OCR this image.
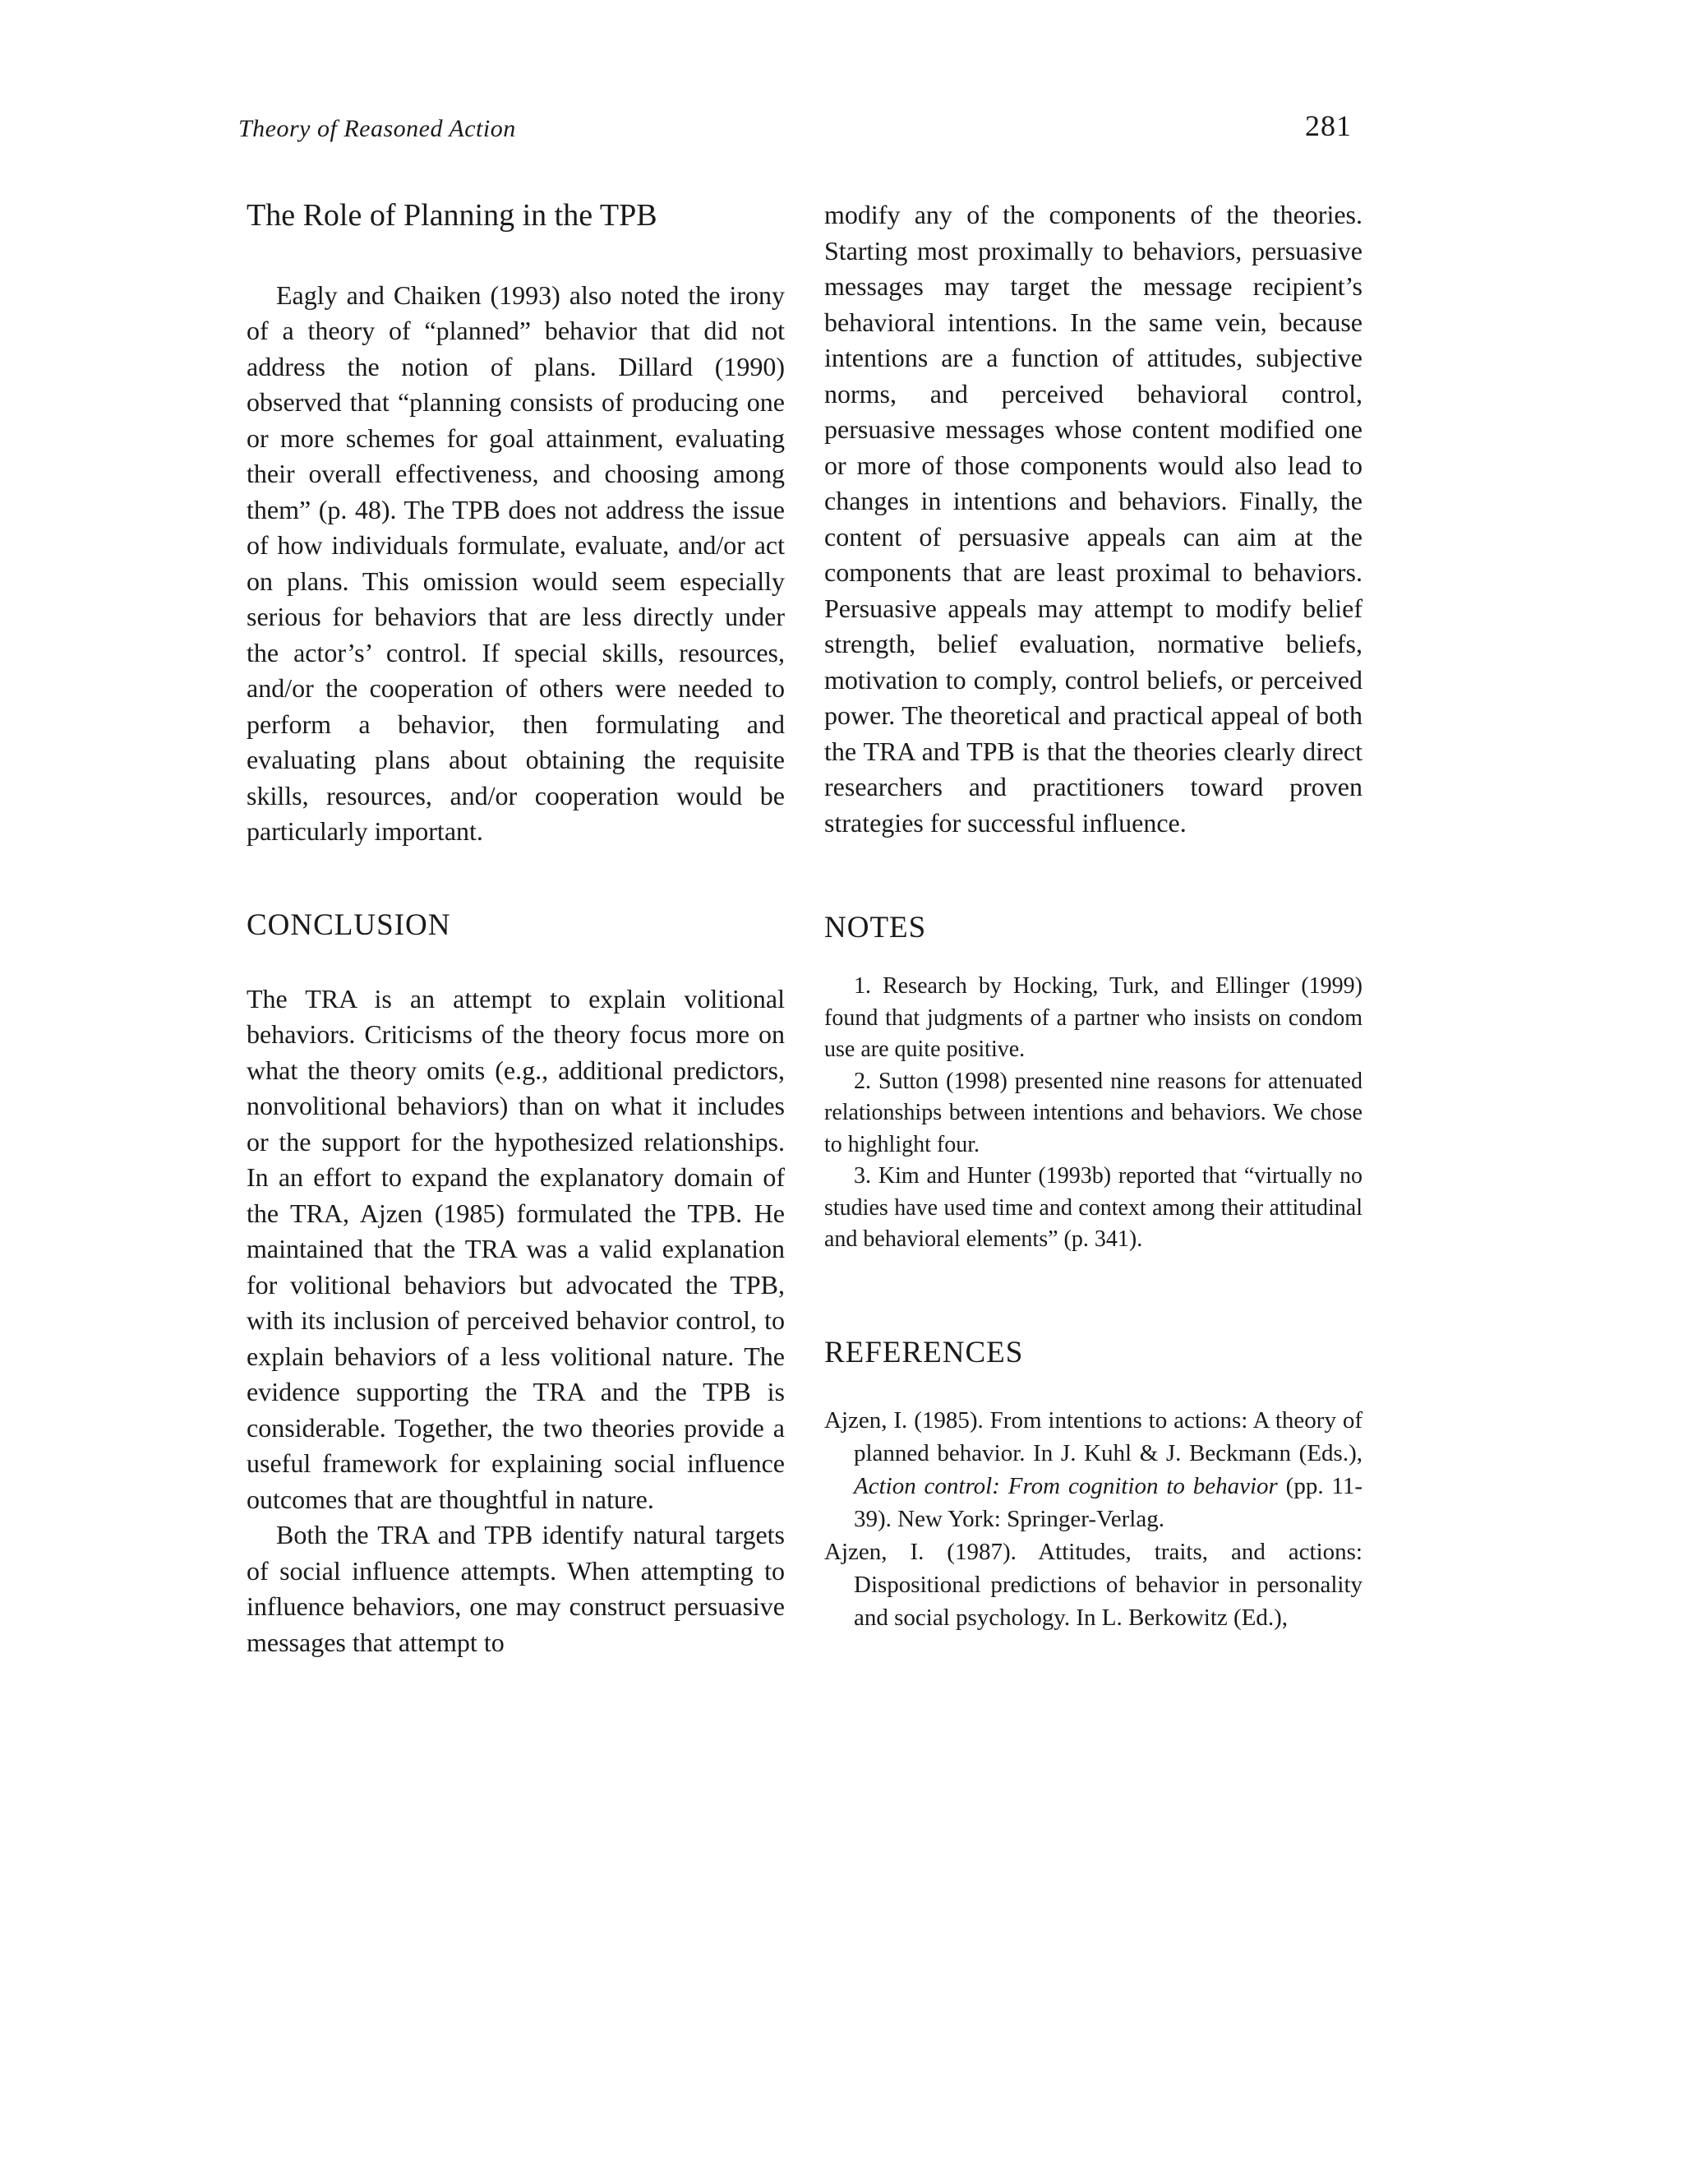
Theory of Reasoned Action	281
The Role of Planning in the TPB

Eagly and Chaiken (1993) also noted the irony of a theory of “planned” behavior that did not address the notion of plans. Dillard (1990) observed that “planning consists of producing one or more schemes for goal attainment, evaluating their overall effectiveness, and choosing among them” (p. 48). The TPB does not address the issue of how individuals formulate, evaluate, and/or act on plans. This omission would seem especially serious for behaviors that are less directly under the actor’s’ control. If special skills, resources, and/or the cooperation of others were needed to perform a behavior, then formulating and evaluating plans about obtaining the requisite skills, resources, and/or cooperation would be particularly important.

CONCLUSION

The TRA is an attempt to explain volitional behaviors. Criticisms of the theory focus more on what the theory omits (e.g., additional predictors, nonvolitional behaviors) than on what it includes or the support for the hypothesized relationships. In an effort to expand the explanatory domain of the TRA, Ajzen (1985) formulated the TPB. He maintained that the TRA was a valid explanation for volitional behaviors but advocated the TPB, with its inclusion of perceived behavior control, to explain behaviors of a less volitional nature. The evidence supporting the TRA and the TPB is considerable. Together, the two theories provide a useful framework for explaining social influence outcomes that are thoughtful in nature.

Both the TRA and TPB identify natural targets of social influence attempts. When attempting to influence behaviors, one may construct persuasive messages that attempt to

modify any of the components of the theories. Starting most proximally to behaviors, persuasive messages may target the message recipient’s behavioral intentions. In the same vein, because intentions are a function of attitudes, subjective norms, and perceived behavioral control, persuasive messages whose content modified one or more of those components would also lead to changes in intentions and behaviors. Finally, the content of persuasive appeals can aim at the components that are least proximal to behaviors. Persuasive appeals may attempt to modify belief strength, belief evaluation, normative beliefs, motivation to comply, control beliefs, or perceived power. The theoretical and practical appeal of both the TRA and TPB is that the theories clearly direct researchers and practitioners toward proven strategies for successful influence.

NOTES
1. Research by Hocking, Turk, and Ellinger (1999) found that judgments of a partner who insists on condom use are quite positive.
2. Sutton (1998) presented nine reasons for attenuated relationships between intentions and behaviors. We chose to highlight four.
3. Kim and Hunter (1993b) reported that “virtually no studies have used time and context among their attitudinal and behavioral elements” (p. 341).
REFERENCES

Ajzen, I. (1985). From intentions to actions: A theory of planned behavior. In J. Kuhl & J. Beckmann (Eds.), Action control: From cognition to behavior (pp. 11-39). New York: Springer-Verlag.

Ajzen, I. (1987). Attitudes, traits, and actions: Dispositional predictions of behavior in personality and social psychology. In L. Berkowitz (Ed.),
